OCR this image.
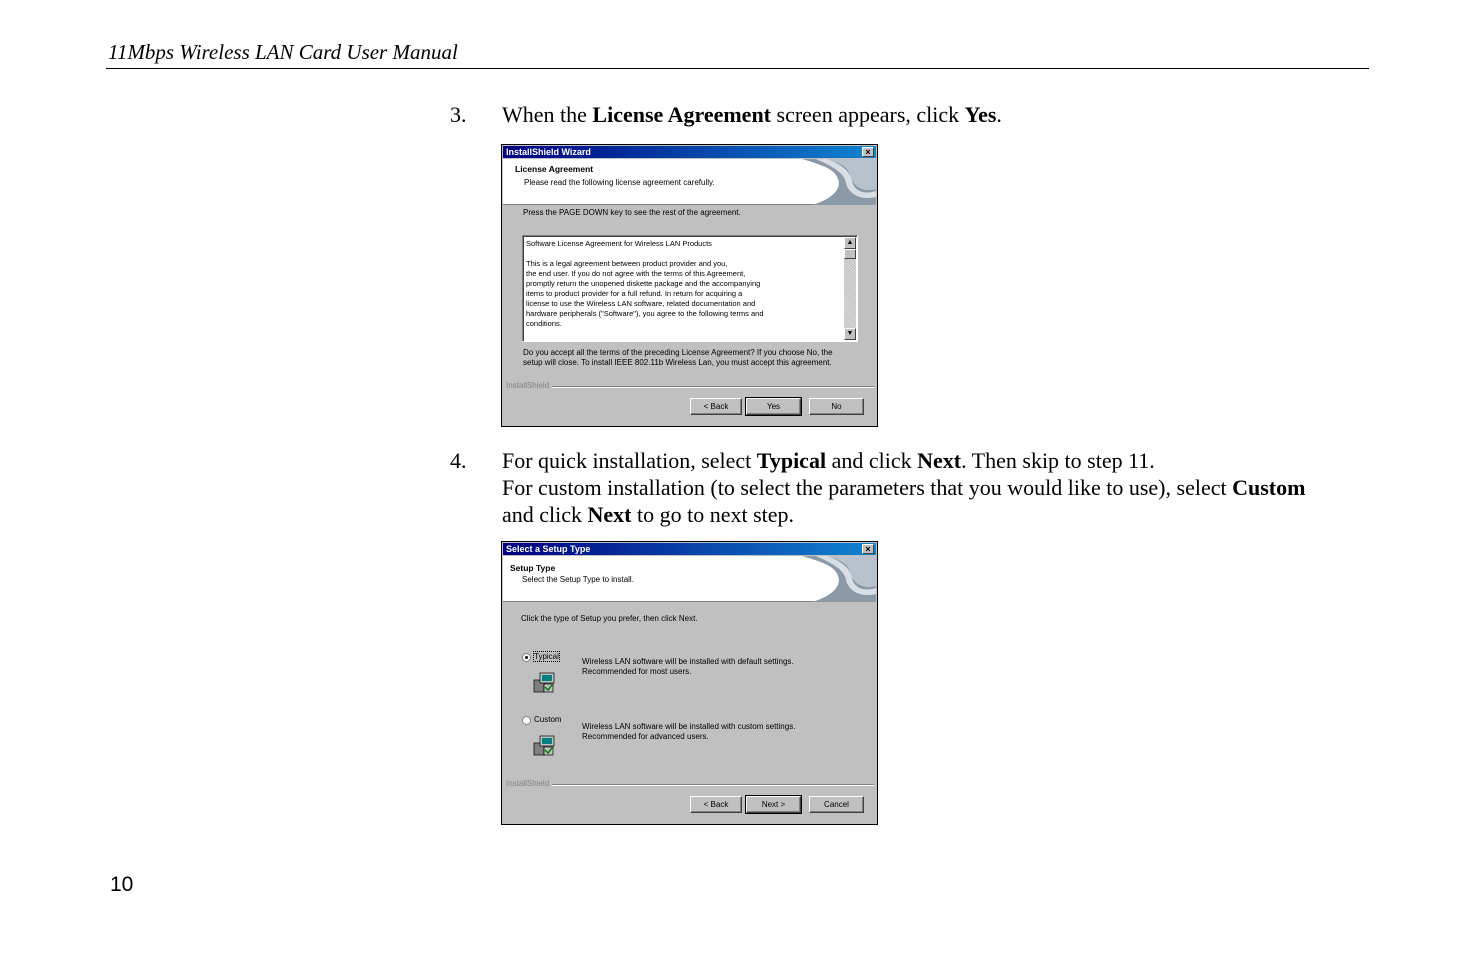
11Mbps Wireless LAN Card User Manual
3.	When the License Agreement screen appears, click Yes.
InstallShield Wizard	×
License Agreement
Please read the following license agreement carefully.
Press the PAGE DOWN key to see the rest of the agreement.
Software License Agreement for Wireless LAN Products

This is a legal agreement between product provider and you,
the end user. If you do not agree with the terms of this Agreement,
promptly return the unopened diskette package and the accompanying
items to product provider for a full refund. In return for acquiring a
license to use the Wireless LAN software, related documentation and
hardware peripherals ("Software"), you agree to the following terms and
conditions.
▲
▼
Do you accept all the terms of the preceding License Agreement? If you choose No, the
setup will close. To install IEEE 802.11b Wireless Lan, you must accept this agreement.
InstallShield
< Back	Yes	No
4.	For quick installation, select Typical and click Next. Then skip to step 11.
For custom installation (to select the parameters that you would like to use), select Custom and click Next to go to next step.
Select a Setup Type	×
Setup Type
Select the Setup Type to install.
Click the type of Setup you prefer, then click Next.
Typical
Wireless LAN software will be installed with default settings.
Recommended for most users.
Custom
Wireless LAN software will be installed with custom settings.
Recommended for advanced users.
InstallShield
< Back	Next >	Cancel
10
